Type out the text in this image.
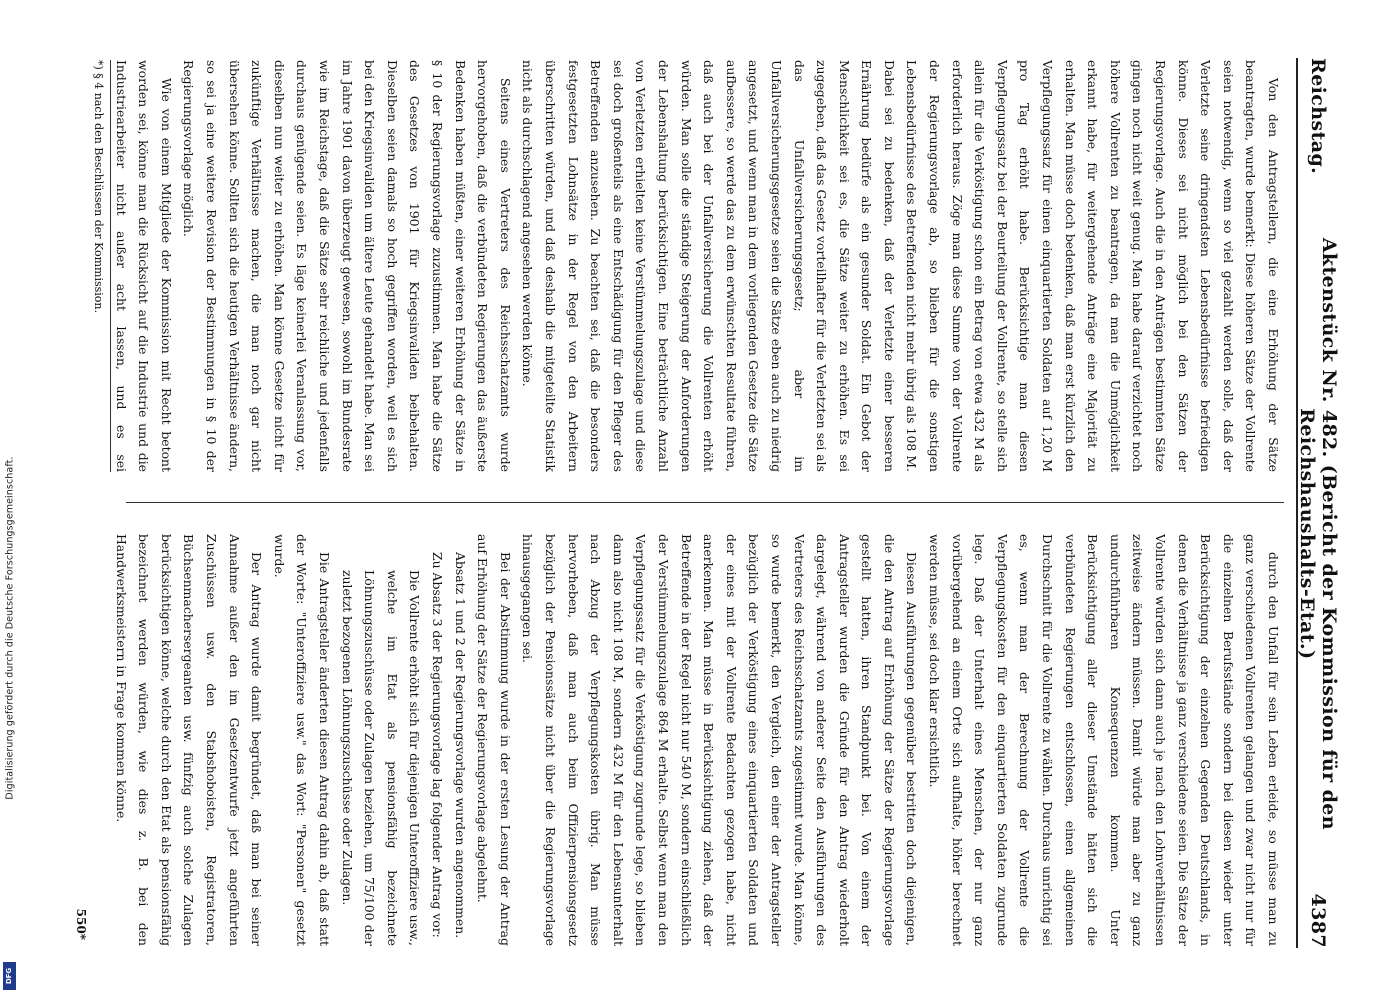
Digitalisierung gefördert durch die Deutsche Forschungsgemeinschaft.
DFG
Reichstag.
Aktenstück Nr. 482. (Bericht der Kommission für den Reichshaushalts-Etat.)
4387

Von den Antragstellern, die eine Erhöhung der Sätze beantragten, wurde bemerkt: Diese höheren Sätze der Vollrente seien notwendig, wenn so viel gezahlt werden solle, daß der Verletzte seine dringendsten Lebensbedürfnisse befriedigen könne. Dieses sei nicht möglich bei den Sätzen der Regierungsvorlage. Auch die in den Anträgen bestimmten Sätze gingen noch nicht weit genug. Man habe darauf verzichtet noch höhere Vollrenten zu beantragen, da man die Unmöglichkeit erkannt habe, für weitergehende Anträge eine Majorität zu erhalten. Man müsse doch bedenken, daß man erst kürzlich den Verpflegungssatz für einen einquartierten Soldaten auf 1,20 M pro Tag erhöht habe. Berücksichtige man diesen Verpflegungssatz bei der Beurteilung der Vollrente, so stelle sich allein für die Verköstigung schon ein Betrag von etwa 432 M als erforderlich heraus. Zöge man diese Summe von der Vollrente der Regierungsvorlage ab, so blieben für die sonstigen Lebensbedürfnisse des Betreffenden nicht mehr übrig als 108 M. Dabei sei zu bedenken, daß der Verletzte einer besseren Ernährung bedürfe als ein gesunder Soldat. Ein Gebot der Menschlichkeit sei es, die Sätze weiter zu erhöhen. Es sei zugegeben, daß das Gesetz vorteilhafter für die Verletzten sei als das Unfallversicherungsgesetz; aber im Unfallversicherungsgesetze seien die Sätze eben auch zu niedrig angesetzt, und wenn man in dem vorliegenden Gesetze die Sätze aufbessere, so werde das zu dem erwünschten Resultate führen, daß auch bei der Unfallversicherung die Vollrenten erhöht würden. Man solle die ständige Steigerung der Anforderungen der Lebenshaltung berücksichtigen. Eine beträchtliche Anzahl von Verletzten erhielten keine Verstümmelungszulage und diese sei doch großenteils als eine Entschädigung für den Pfleger des Betreffenden anzusehen. Zu beachten sei, daß die besonders festgesetzten Lohnsätze in der Regel von den Arbeitern überschritten würden, und daß deshalb die mitgeteilte Statistik nicht als durchschlagend angesehen werden könne.

Seitens eines Vertreters des Reichsschatzamts wurde hervorgehoben, daß die verbündeten Regierungen das äußerste Bedenken haben müßten, einer weiteren Erhöhung der Sätze in § 10 der Regierungsvorlage zuzustimmen. Man habe die Sätze des Gesetzes von 1901 für Kriegsinvaliden beibehalten. Dieselben seien damals so hoch gegriffen worden, weil es sich bei den Kriegsinvaliden um ältere Leute gehandelt habe. Man sei im Jahre 1901 davon überzeugt gewesen, sowohl im Bundesrate wie im Reichstage, daß die Sätze sehr reichliche und jedenfalls durchaus genügende seien. Es läge keinerlei Veranlassung vor, dieselben nun weiter zu erhöhen. Man könne Gesetze nicht für zukünftige Verhältnisse machen, die man noch gar nicht übersehen könne. Sollten sich die heutigen Verhältnisse ändern, so sei ja eine weitere Revision der Bestimmungen in § 10 der Regierungsvorlage möglich.

Wie von einem Mitgliede der Kommission mit Recht betont worden sei, könne man die Rücksicht auf die Industrie und die Industriearbeiter nicht außer acht lassen, und es sei

durch den Unfall für sein Leben erleide, so müsse man zu ganz verschiedenen Vollrenten gelangen und zwar nicht nur für die einzelnen Berufsstände sondern bei diesen wieder unter Berücksichtigung der einzelnen Gegenden Deutschlands, in denen die Verhältnisse ja ganz verschiedene seien. Die Sätze der Vollrente würden sich dann auch je nach den Lohnverhältnissen zeitweise ändern müssen. Damit würde man aber zu ganz undurchführbaren Konsequenzen kommen. Unter Berücksichtigung aller dieser Umstände hätten sich die verbündeten Regierungen entschlossen, einen allgemeinen Durchschnitt für die Vollrente zu wählen. Durchaus unrichtig sei es, wenn man der Berechnung der Vollrente die Verpflegungskosten für den einquartierten Soldaten zugrunde lege. Daß der Unterhalt eines Menschen, der nur ganz vorübergehend an einem Orte sich aufhalte, höher berechnet werden müsse, sei doch klar ersichtlich.

Diesen Ausführungen gegenüber bestritten doch diejenigen, die den Antrag auf Erhöhung der Sätze der Regierungsvorlage gestellt hatten, ihren Standpunkt bei. Von einem der Antragsteller wurden die Gründe für den Antrag wiederholt dargelegt, während von anderer Seite den Ausführungen des Vertreters des Reichsschatzamts zugestimmt wurde. Man könne, so wurde bemerkt, den Vergleich, den einer der Antragsteller bezüglich der Verköstigung eines einquartierten Soldaten und der eines mit der Vollrente Bedachten gezogen habe, nicht anerkennen. Man müsse in Berücksichtigung ziehen, daß der Betreffende in der Regel nicht nur 540 M, sondern einschließlich der Verstümmelungszulage 864 M erhalte. Selbst wenn man den Verpflegungssatz für die Verköstigung zugrunde lege, so blieben dann also nicht 108 M, sondern 432 M für den Lebensunterhalt nach Abzug der Verpflegungskosten übrig. Man müsse hervorheben, daß man auch beim Offizierpensionsgesetz bezüglich der Pensionssätze nicht über die Regierungsvorlage hinausgegangen sei.

Bei der Abstimmung wurde in der ersten Lesung der Antrag auf Erhöhung der Sätze der Regierungsvorlage abgelehnt.

Absatz 1 und 2 der Regierungsvorlage wurden angenommen.

Zu Absatz 3 der Regierungsvorlage lag folgender Antrag vor:

Die Vollrente erhöht sich für diejenigen Unteroffiziere usw., welche im Etat als pensionsfähig bezeichnete Löhnungszuschüsse oder Zulagen beziehen, um 75/100 der zuletzt bezogenen Löhnungszuschüsse oder Zulagen.

Die Antragsteller änderten diesen Antrag dahin ab, daß statt der Worte: "Unteroffiziere usw." das Wort: "Personen" gesetzt wurde.

Der Antrag wurde damit begründet, daß man bei seiner Annahme außer den im Gesetzentwurfe jetzt angeführten Zuschüssen usw. den Stabshoboisten, Registratoren, Büchsenmachersergeanten usw. fünfzig auch solche Zulagen berücksichtigen könne, welche durch den Etat als pensionsfähig bezeichnet werden würden, wie dies z. B. bei den Handwerksmeistern in Frage kommen könne.

*) § 4 nach den Beschlüssen der Kommission.
550*
